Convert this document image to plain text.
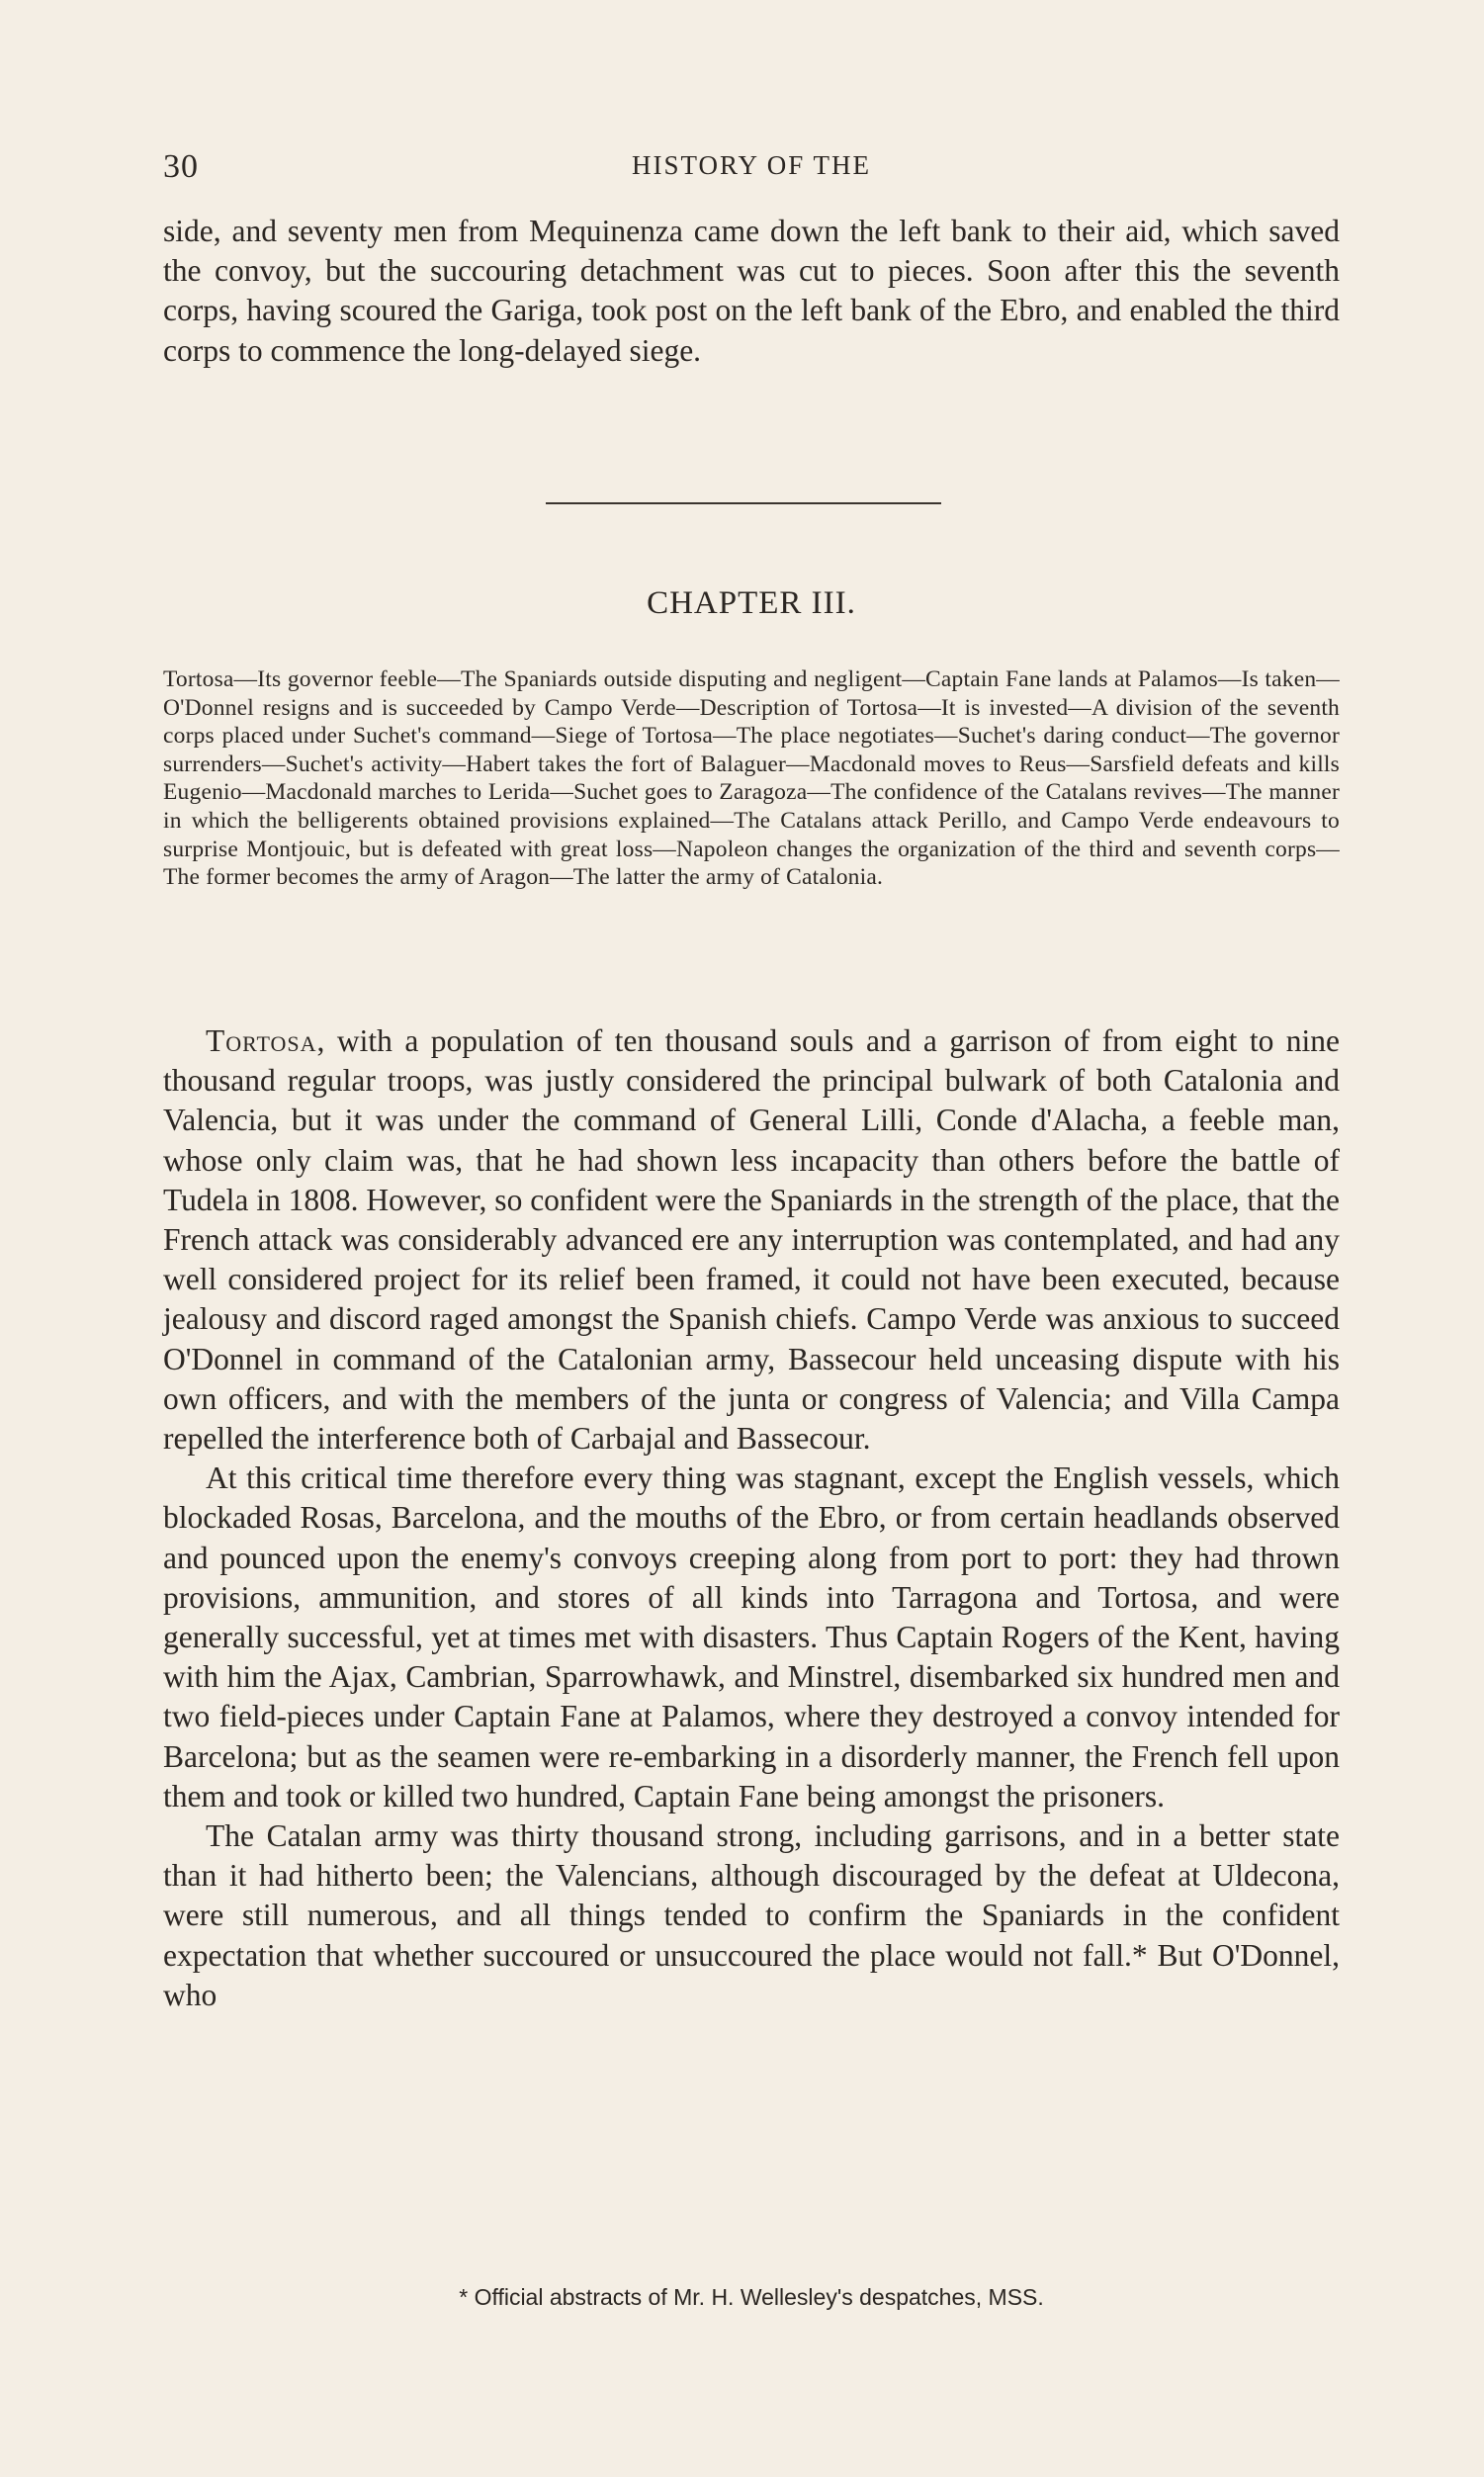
30	HISTORY OF THE

side, and seventy men from Mequinenza came down the left bank to their aid, which saved the convoy, but the succouring detachment was cut to pieces. Soon after this the seventh corps, having scoured the Gariga, took post on the left bank of the Ebro, and enabled the third corps to commence the long-delayed siege.

CHAPTER III.

Tortosa—Its governor feeble—The Spaniards outside disputing and negligent—Captain Fane lands at Palamos—Is taken—O'Donnel resigns and is succeeded by Campo Verde—Description of Tortosa—It is invested—A division of the seventh corps placed under Suchet's command—Siege of Tortosa—The place negotiates—Suchet's daring conduct—The governor surrenders—Suchet's activity—Habert takes the fort of Balaguer—Macdonald moves to Reus—Sarsfield defeats and kills Eugenio—Macdonald marches to Lerida—Suchet goes to Zaragoza—The confidence of the Catalans revives—The manner in which the belligerents obtained provisions explained—The Catalans attack Perillo, and Campo Verde endeavours to surprise Montjouic, but is defeated with great loss—Napoleon changes the organization of the third and seventh corps—The former becomes the army of Aragon—The latter the army of Catalonia.

Tortosa, with a population of ten thousand souls and a garrison of from eight to nine thousand regular troops, was justly considered the principal bulwark of both Catalonia and Valencia, but it was under the command of General Lilli, Conde d'Alacha, a feeble man, whose only claim was, that he had shown less incapacity than others before the battle of Tudela in 1808. However, so confident were the Spaniards in the strength of the place, that the French attack was considerably advanced ere any interruption was contemplated, and had any well considered project for its relief been framed, it could not have been executed, because jealousy and discord raged amongst the Spanish chiefs. Campo Verde was anxious to succeed O'Donnel in command of the Catalonian army, Bassecour held unceasing dispute with his own officers, and with the members of the junta or congress of Valencia; and Villa Campa repelled the interference both of Carbajal and Bassecour.

At this critical time therefore every thing was stagnant, except the English vessels, which blockaded Rosas, Barcelona, and the mouths of the Ebro, or from certain headlands observed and pounced upon the enemy's convoys creeping along from port to port: they had thrown provisions, ammunition, and stores of all kinds into Tarragona and Tortosa, and were generally successful, yet at times met with disasters. Thus Captain Rogers of the Kent, having with him the Ajax, Cambrian, Sparrowhawk, and Minstrel, disembarked six hundred men and two field-pieces under Captain Fane at Palamos, where they destroyed a convoy intended for Barcelona; but as the seamen were re-embarking in a disorderly manner, the French fell upon them and took or killed two hundred, Captain Fane being amongst the prisoners.

The Catalan army was thirty thousand strong, including garrisons, and in a better state than it had hitherto been; the Valencians, although discouraged by the defeat at Uldecona, were still numerous, and all things tended to confirm the Spaniards in the confident expectation that whether succoured or unsuccoured the place would not fall.* But O'Donnel, who

* Official abstracts of Mr. H. Wellesley's despatches, MSS.
